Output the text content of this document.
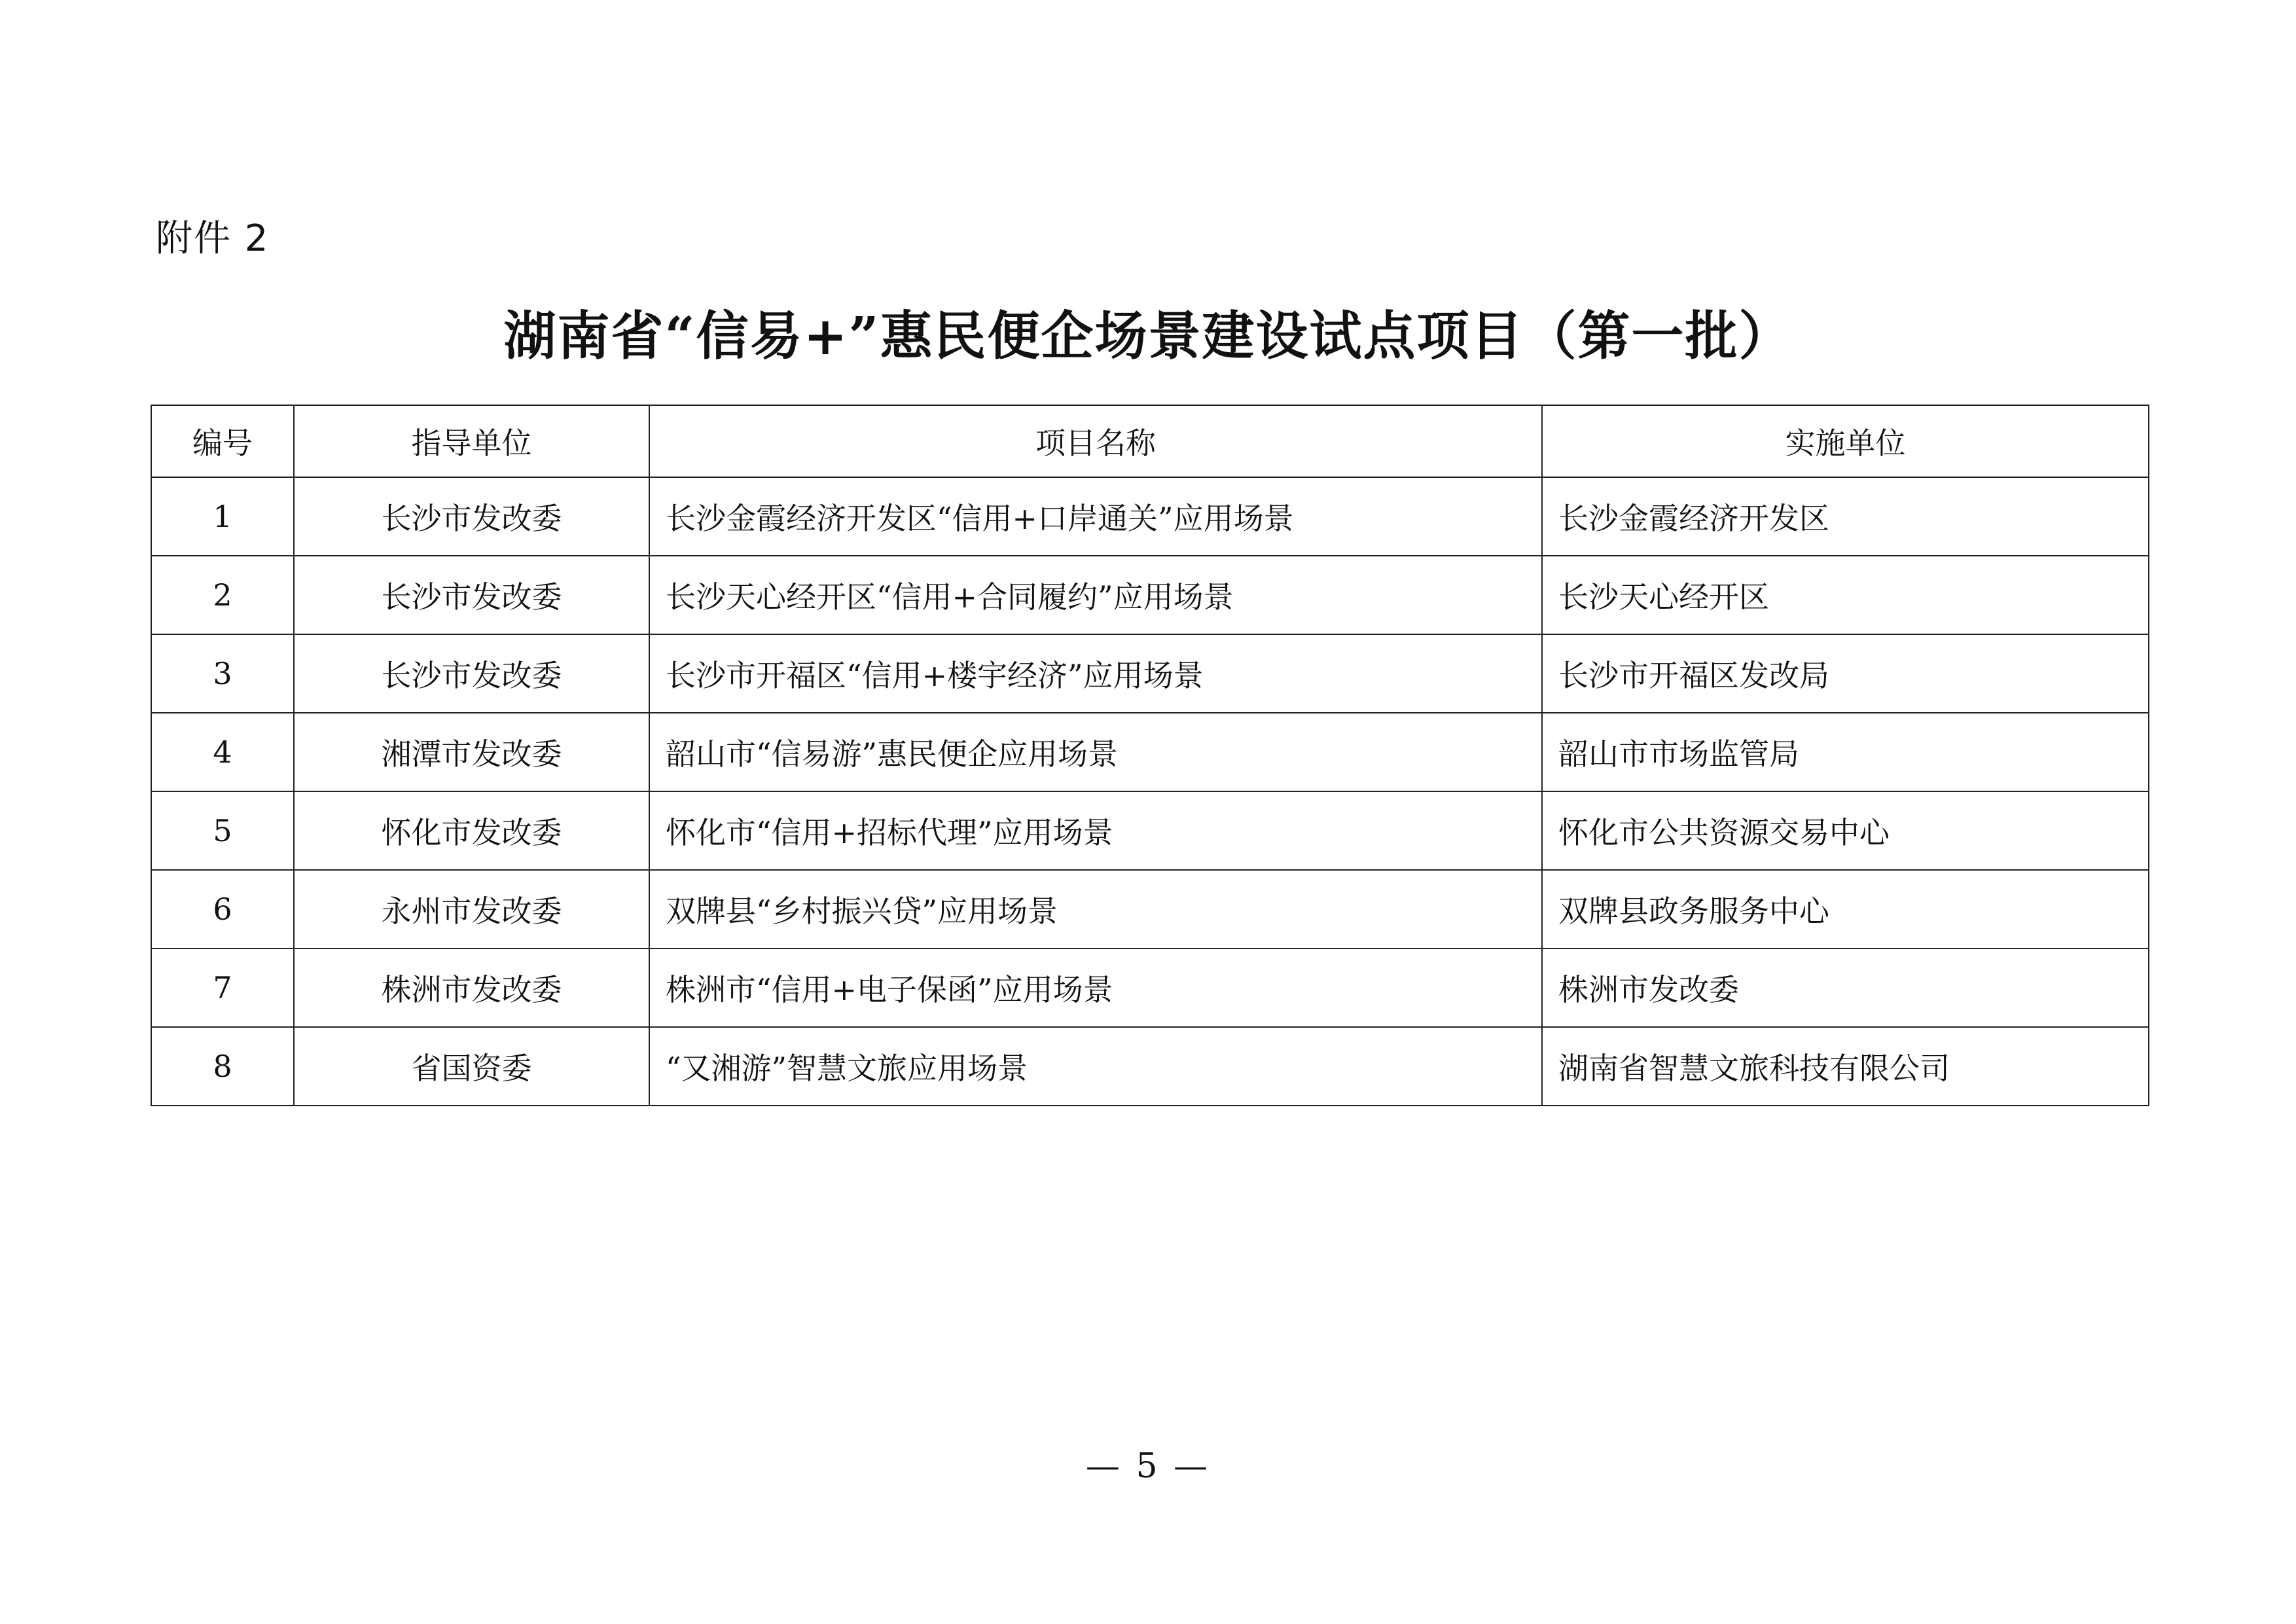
附件 2
湖南省“信易+”惠民便企场景建设试点项目（第一批）
编号	指导单位	项目名称	实施单位
1	长沙市发改委	长沙金霞经济开发区“信用+口岸通关”应用场景	长沙金霞经济开发区
2	长沙市发改委	长沙天心经开区“信用+合同履约”应用场景	长沙天心经开区
3	长沙市发改委	长沙市开福区“信用+楼宇经济”应用场景	长沙市开福区发改局
4	湘潭市发改委	韶山市“信易游”惠民便企应用场景	韶山市市场监管局
5	怀化市发改委	怀化市“信用+招标代理”应用场景	怀化市公共资源交易中心
6	永州市发改委	双牌县“乡村振兴贷”应用场景	双牌县政务服务中心
7	株洲市发改委	株洲市“信用+电子保函”应用场景	株洲市发改委
8	省国资委	“又湘游”智慧文旅应用场景	湖南省智慧文旅科技有限公司
— 5 —
